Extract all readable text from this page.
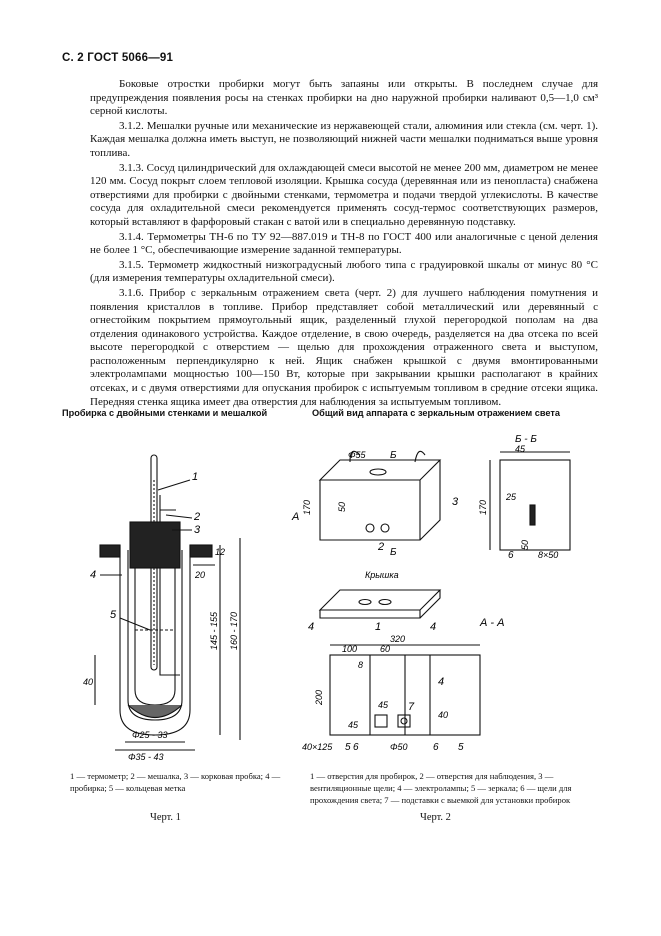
С. 2 ГОСТ 5066—91

Боковые отростки пробирки могут быть запаяны или открыты. В последнем случае для предупреждения появления росы на стенках пробирки на дно наружной пробирки наливают 0,5—1,0 см³ серной кислоты.

3.1.2. Мешалки ручные или механические из нержавеющей стали, алюминия или стекла (см. черт. 1). Каждая мешалка должна иметь выступ, не позволяющий нижней части мешалки подниматься выше уровня топлива.

3.1.3. Сосуд цилиндрический для охлаждающей смеси высотой не менее 200 мм, диаметром не менее 120 мм. Сосуд покрыт слоем тепловой изоляции. Крышка сосуда (деревянная или из пенопласта) снабжена отверстиями для пробирки с двойными стенками, термометра и подачи твердой углекислоты. В качестве сосуда для охладительной смеси рекомендуется применять сосуд-термос соответствующих размеров, который вставляют в фарфоровый стакан с ватой или в специально деревянную подставку.

3.1.4. Термометры ТН-6 по ТУ 92—887.019 и ТН-8 по ГОСТ 400 или аналогичные с ценой деления не более 1 °С, обеспечивающие измерение заданной температуры.

3.1.5. Термометр жидкостный низкоградусный любого типа с градуировкой шкалы от минус 80 °С (для измерения температуры охладительной смеси).

3.1.6. Прибор с зеркальным отражением света (черт. 2) для лучшего наблюдения помутнения и появления кристаллов в топливе. Прибор представляет собой металлический или деревянный с огнестойким покрытием прямоугольный ящик, разделенный глухой перегородкой пополам на два отделения одинакового устройства. Каждое отделение, в свою очередь, разделяется на два отсека по всей высоте перегородкой с отверстием — щелью для прохождения отраженного света и выступом, расположенным перпендикулярно к ней. Ящик снабжен крышкой с двумя вмонтированными электролампами мощностью 100—150 Вт, которые при закрывании крышки располагают в крайних отсеках, и с двумя отверстиями для опускания пробирок с испытуемым топливом в средние отсеки ящика. Передняя стенка ящика имеет два отверстия для наблюдения за испытуемым топливом.

Пробирка с двойными стенками и мешалкой	Общий вид аппарата с зеркальным отражением света
1
2
3
4
5
12
20
40
145 - 155 160 - 170
Φ25 - 33
Φ35 - 43
1 — термометр; 2 — мешалка, 3 — корковая пробка; 4 — пробирка; 5 — кольцевая метка
Черт. 1
Φ55 Б
Б
А
170	50
2
3
Крышка
4	4
1
Б - Б
45
25
170
50
6	8×50
А - А
320
100	60
8
200	45
45
40
7
4
40×125 5 6	Φ50	6 5
1 — отверстия для пробирок, 2 — отверстия для наблюдения, 3 — вентиляционные щели; 4 — электролампы; 5 — зеркала; 6 — щели для прохождения света; 7 — подставки с выемкой для установки пробирок
Черт. 2
